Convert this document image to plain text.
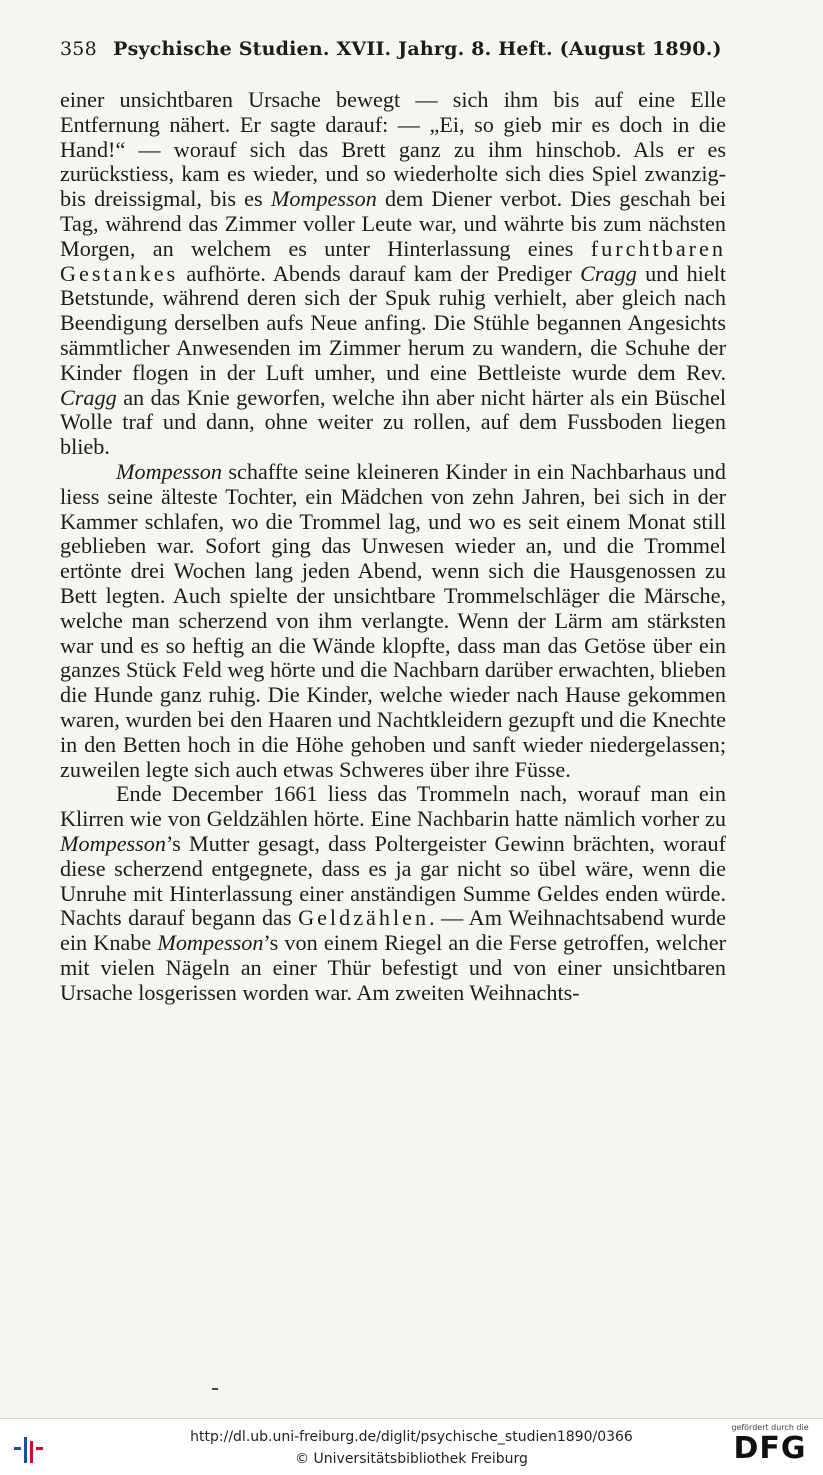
358 Psychische Studien. XVII. Jahrg. 8. Heft. (August 1890.)

einer unsichtbaren Ursache bewegt — sich ihm bis auf eine Elle Entfernung nähert. Er sagte darauf: — „Ei, so gieb mir es doch in die Hand!“ — worauf sich das Brett ganz zu ihm hinschob. Als er es zurückstiess, kam es wieder, und so wiederholte sich dies Spiel zwanzig- bis dreissigmal, bis es Mompesson dem Diener verbot. Dies geschah bei Tag, während das Zimmer voller Leute war, und währte bis zum nächsten Morgen, an welchem es unter Hinterlassung eines furchtbaren Gestankes aufhörte. Abends darauf kam der Prediger Cragg und hielt Betstunde, während deren sich der Spuk ruhig verhielt, aber gleich nach Beendigung derselben aufs Neue anfing. Die Stühle begannen Angesichts sämmtlicher Anwesenden im Zimmer herum zu wandern, die Schuhe der Kinder flogen in der Luft umher, und eine Bettleiste wurde dem Rev. Cragg an das Knie geworfen, welche ihn aber nicht härter als ein Büschel Wolle traf und dann, ohne weiter zu rollen, auf dem Fussboden liegen blieb.

Mompesson schaffte seine kleineren Kinder in ein Nachbarhaus und liess seine älteste Tochter, ein Mädchen von zehn Jahren, bei sich in der Kammer schlafen, wo die Trommel lag, und wo es seit einem Monat still geblieben war. Sofort ging das Unwesen wieder an, und die Trommel ertönte drei Wochen lang jeden Abend, wenn sich die Hausgenossen zu Bett legten. Auch spielte der unsichtbare Trommelschläger die Märsche, welche man scherzend von ihm verlangte. Wenn der Lärm am stärksten war und es so heftig an die Wände klopfte, dass man das Getöse über ein ganzes Stück Feld weg hörte und die Nachbarn darüber erwachten, blieben die Hunde ganz ruhig. Die Kinder, welche wieder nach Hause gekommen waren, wurden bei den Haaren und Nachtkleidern gezupft und die Knechte in den Betten hoch in die Höhe gehoben und sanft wieder niedergelassen; zuweilen legte sich auch etwas Schweres über ihre Füsse.

Ende December 1661 liess das Trommeln nach, worauf man ein Klirren wie von Geldzählen hörte. Eine Nachbarin hatte nämlich vorher zu Mompesson’s Mutter gesagt, dass Poltergeister Gewinn brächten, worauf diese scherzend entgegnete, dass es ja gar nicht so übel wäre, wenn die Unruhe mit Hinterlassung einer anständigen Summe Geldes enden würde. Nachts darauf begann das Geldzählen. — Am Weihnachtsabend wurde ein Knabe Mompesson’s von einem Riegel an die Ferse getroffen, welcher mit vielen Nägeln an einer Thür befestigt und von einer unsichtbaren Ursache losgerissen worden war. Am zweiten Weihnachts-

http://dl.ub.uni-freiburg.de/diglit/psychische_studien1890/0366
© Universitätsbibliothek Freiburg
gefördert durch die
DFG
